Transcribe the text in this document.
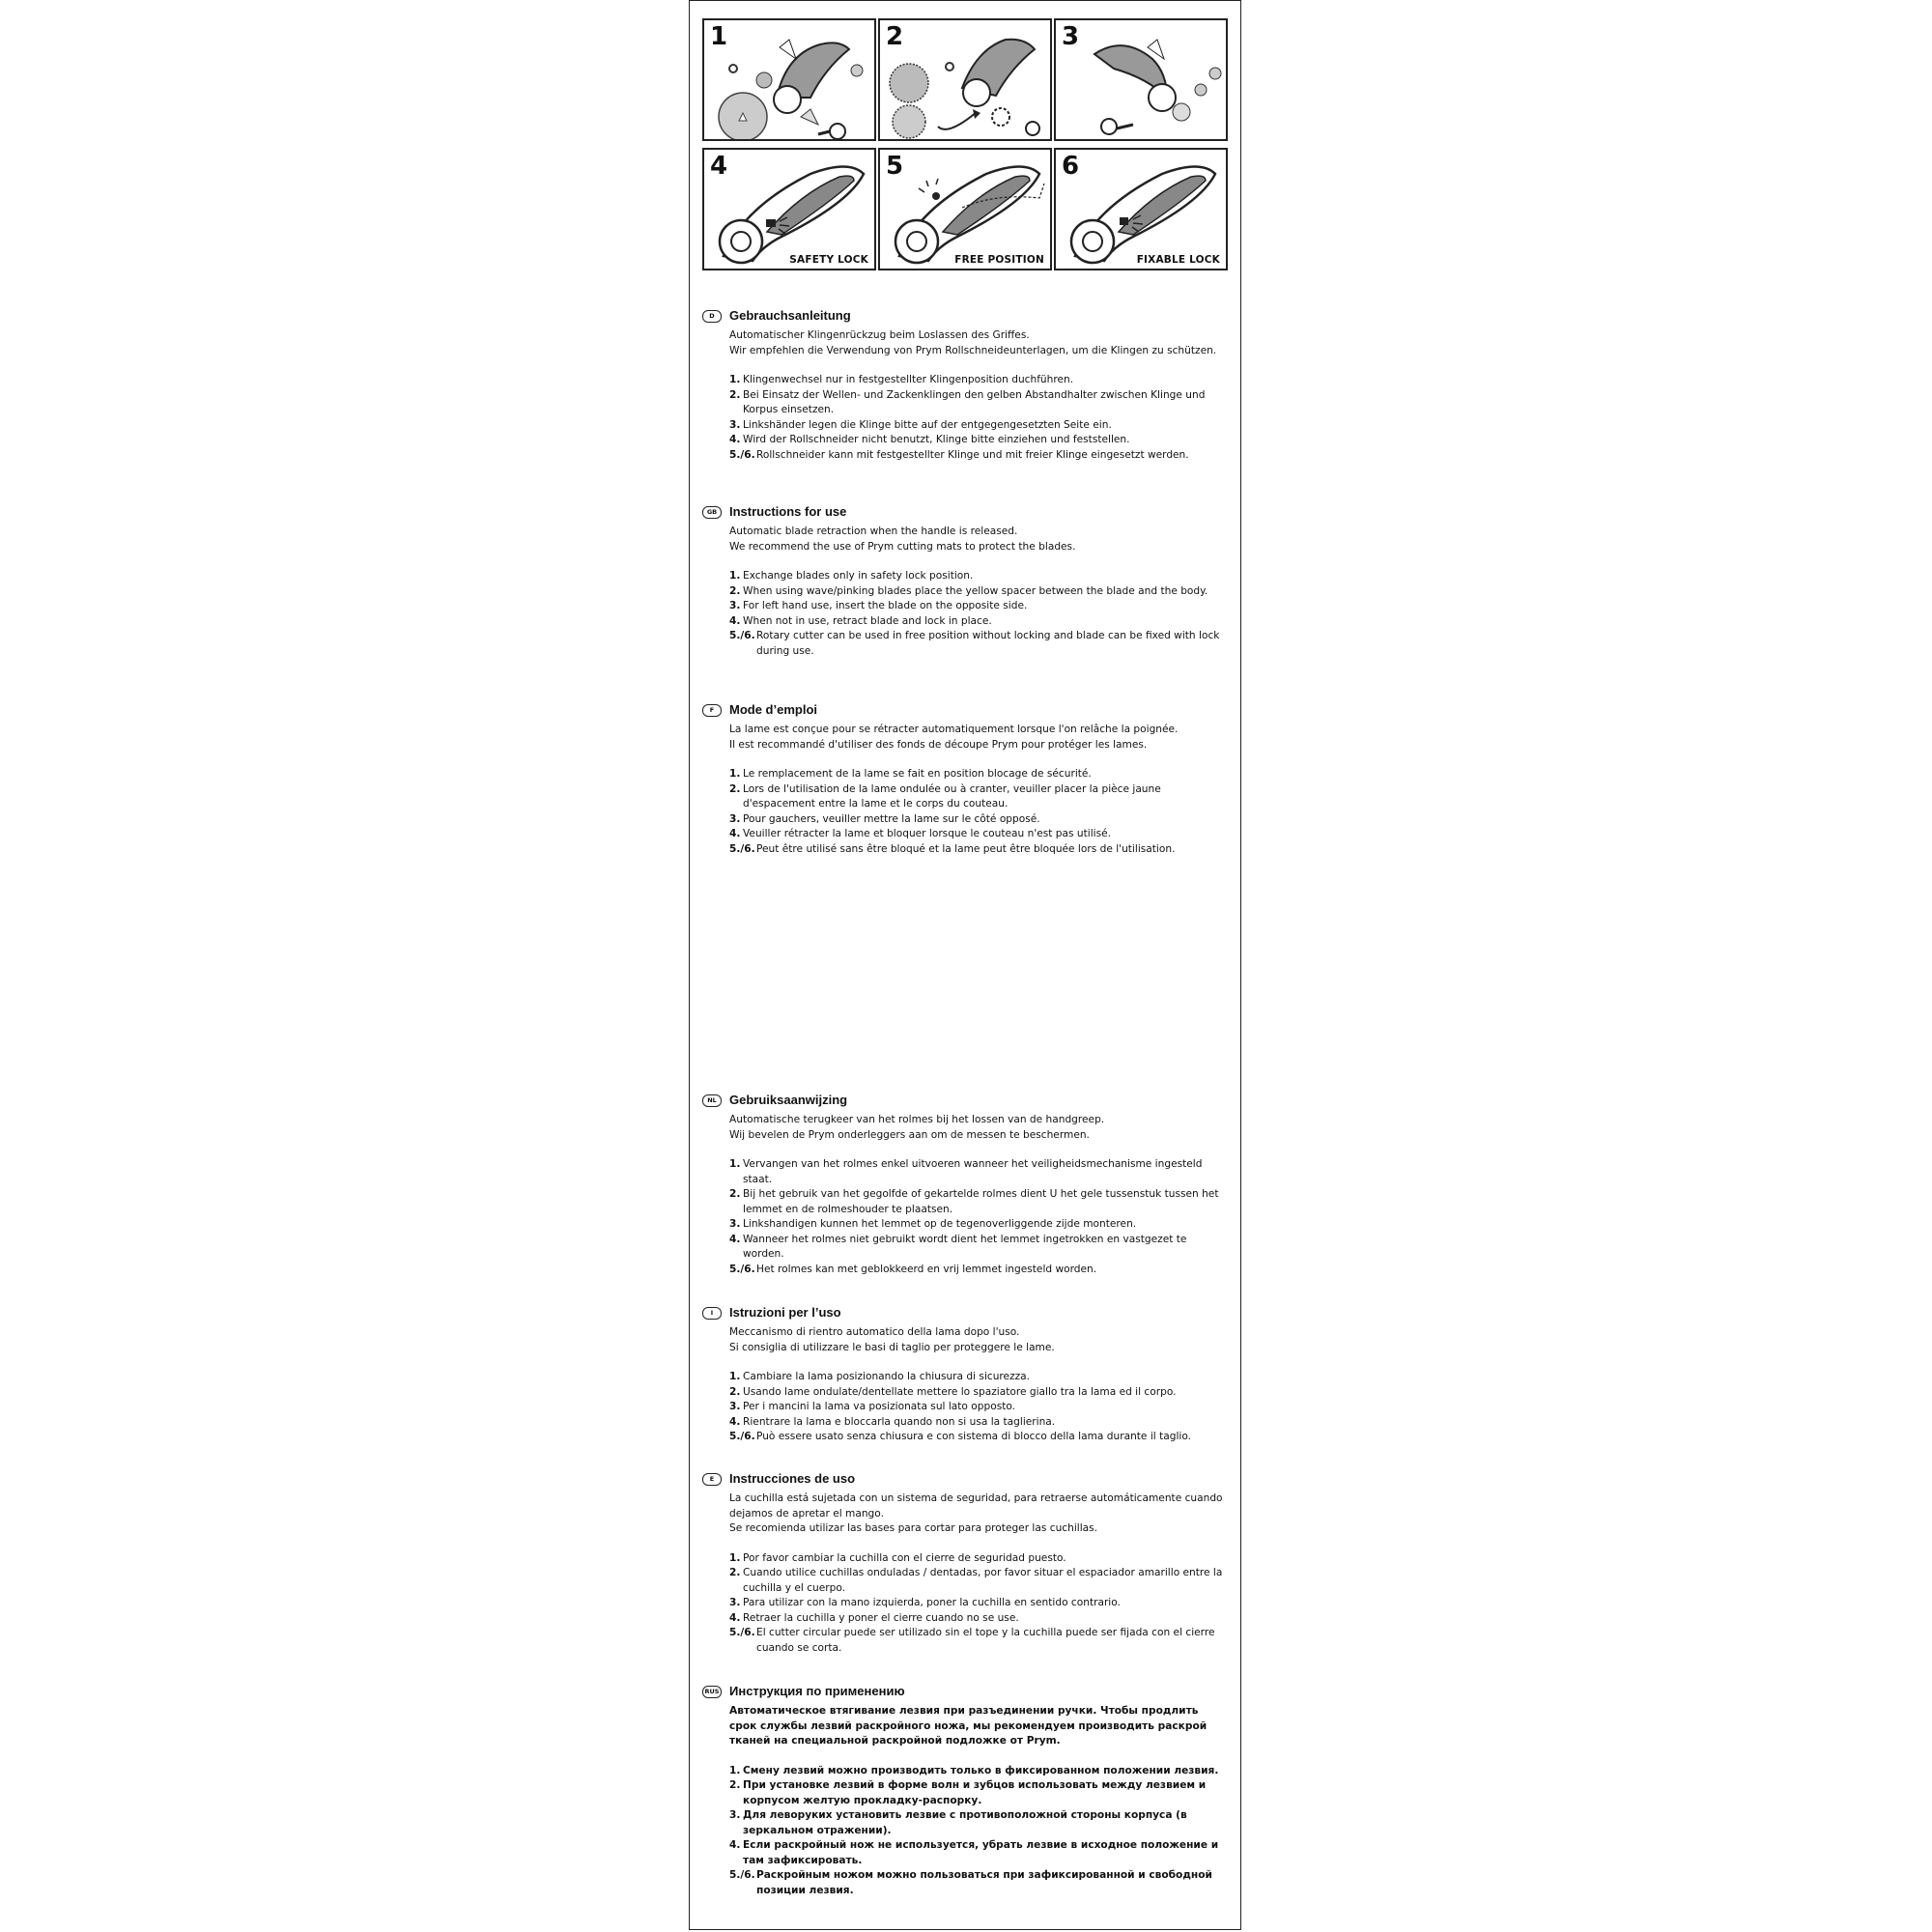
1	2	3
4
SAFETY LOCK
5
FREE POSITION
6
FIXABLE LOCK
D	Gebrauchsanleitung

Automatischer Klingenrückzug beim Loslassen des Griffes.

Wir empfehlen die Verwendung von Prym Rollschneideunterlagen, um die Klingen zu schützen.

1. Klingenwechsel nur in festgestellter Klingenposition duchführen.
2. Bei Einsatz der Wellen- und Zackenklingen den gelben Abstandhalter zwischen Klinge und Korpus einsetzen.
3. Linkshänder legen die Klinge bitte auf der entgegengesetzten Seite ein.
4. Wird der Rollschneider nicht benutzt, Klinge bitte einziehen und feststellen.
5./6. Rollschneider kann mit festgestellter Klinge und mit freier Klinge eingesetzt werden.
GB Instructions for use

Automatic blade retraction when the handle is released.

We recommend the use of Prym cutting mats to protect the blades.

1. Exchange blades only in safety lock position.
2. When using wave/pinking blades place the yellow spacer between the blade and the body.
3. For left hand use, insert the blade on the opposite side.
4. When not in use, retract blade and lock in place.
5./6. Rotary cutter can be used in free position without locking and blade can be fixed with lock during use.
F	Mode d’emploi

La lame est conçue pour se rétracter automatiquement lorsque l'on relâche la poignée.

Il est recommandé d'utiliser des fonds de découpe Prym pour protéger les lames.

1. Le remplacement de la lame se fait en position blocage de sécurité.
2. Lors de l'utilisation de la lame ondulée ou à cranter, veuiller placer la pièce jaune d'espacement entre la lame et le corps du couteau.
3. Pour gauchers, veuiller mettre la lame sur le côté opposé.
4. Veuiller rétracter la lame et bloquer lorsque le couteau n'est pas utilisé.
5./6. Peut être utilisé sans être bloqué et la lame peut être bloquée lors de l'utilisation.
NL	Gebruiksaanwijzing

Automatische terugkeer van het rolmes bij het lossen van de handgreep.

Wij bevelen de Prym onderleggers aan om de messen te beschermen.

1. Vervangen van het rolmes enkel uitvoeren wanneer het veiligheidsmechanisme ingesteld staat.
2. Bij het gebruik van het gegolfde of gekartelde rolmes dient U het gele tussenstuk tussen het lemmet en de rolmeshouder te plaatsen.
3. Linkshandigen kunnen het lemmet op de tegenoverliggende zijde monteren.
4. Wanneer het rolmes niet gebruikt wordt dient het lemmet ingetrokken en vastgezet te worden.
5./6. Het rolmes kan met geblokkeerd en vrij lemmet ingesteld worden.
I	Istruzioni per l’uso

Meccanismo di rientro automatico della lama dopo l'uso.

Si consiglia di utilizzare le basi di taglio per proteggere le lame.

1. Cambiare la lama posizionando la chiusura di sicurezza.
2. Usando lame ondulate/dentellate mettere lo spaziatore giallo tra la lama ed il corpo.
3. Per i mancini la lama va posizionata sul lato opposto.
4. Rientrare la lama e bloccarla quando non si usa la taglierina.
5./6. Può essere usato senza chiusura e con sistema di blocco della lama durante il taglio.
E	Instrucciones de uso

La cuchilla está sujetada con un sistema de seguridad, para retraerse automáticamente cuando dejamos de apretar el mango.

Se recomienda utilizar las bases para cortar para proteger las cuchillas.

1. Por favor cambiar la cuchilla con el cierre de seguridad puesto.
2. Cuando utilice cuchillas onduladas / dentadas, por favor situar el espaciador amarillo entre la cuchilla y el cuerpo.
3. Para utilizar con la mano izquierda, poner la cuchilla en sentido contrario.
4. Retraer la cuchilla y poner el cierre cuando no se use.
5./6. El cutter circular puede ser utilizado sin el tope y la cuchilla puede ser fijada con el cierre cuando se corta.
RUS Инструкция по применению

Автоматическое втягивание лезвия при разъединении ручки. Чтобы продлить срок службы лезвий раскройного ножа, мы рекомендуем производить раскрой тканей на специальной раскройной подложке от Prym.

1. Смену лезвий можно производить только в фиксированном положении лезвия.
2. При установке лезвий в форме волн и зубцов использовать между лезвием и корпусом желтую прокладку-распорку.
3. Для леворуких установить лезвие с противоположной стороны корпуса (в зеркальном отражении).
4. Если раскройный нож не используется, убрать лезвие в исходное положение и там зафиксировать.
5./6. Раскройным ножом можно пользоваться при зафиксированной и свободной позиции лезвия.
